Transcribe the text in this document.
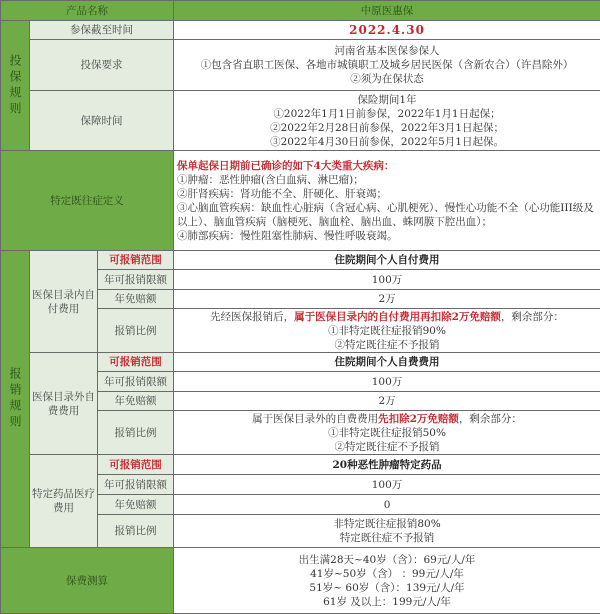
产品名称			中原医惠保
投保规则	参保截至时间		2022.4.30
	投保要求		河南省基本医保参保人
①包含省直职工医保、各地市城镇职工及城乡居民医保（含新农合）（许昌除外）
②须为在保状态

	保障时间		保险期间1年
①2022年1月1日前参保，2022年1月1日起保；
②2022年2月28日前参保，2022年3月1日起保；
③2022年4月30日前参保，2022年5月1日起保。

特定既往症定义			保单起保日期前已确诊的如下4大类重大疾病：
①肿瘤：恶性肿瘤(含白血病、淋巴瘤)；
②肝肾疾病：肾功能不全、肝硬化、肝衰竭；
③心脑血管疾病：缺血性心脏病（含冠心病、心肌梗死）、慢性心功能不全（心功能III级及以上）、脑血管疾病（脑梗死、脑血栓、脑出血、蛛网膜下腔出血）；
④肺部疾病：慢性阻塞性肺病、慢性呼吸衰竭。

报销规则	医保目录内自付费用	可报销范围	住院期间个人自付费用
		年可报销限额	100万
		年免赔额	2万
		报销比例	先经医保报销后，属于医保目录内的自付费用再扣除2万免赔额，剩余部分：
①非特定既往症报销90%
②特定既往症不予报销

	医保目录外自费费用	可报销范围	住院期间个人自费费用
		年可报销限额	100万
		年免赔额	2万
		报销比例	属于医保目录外的自费费用先扣除2万免赔额，剩余部分：
①非特定既往症报销50%
②特定既往症不予报销

	特定药品医疗费用	可报销范围	20种恶性肿瘤特定药品
		年可报销限额	100万
		年免赔额	0
		报销比例	非特定既往症报销80%
特定既往症不予报销

保费测算			出生满28天~40岁（含）：69元/人/年
41岁~50岁（含） ：99元/人/年
51岁~ 60岁（含）：139元/人/年
61岁 及以上：199元/人/年
